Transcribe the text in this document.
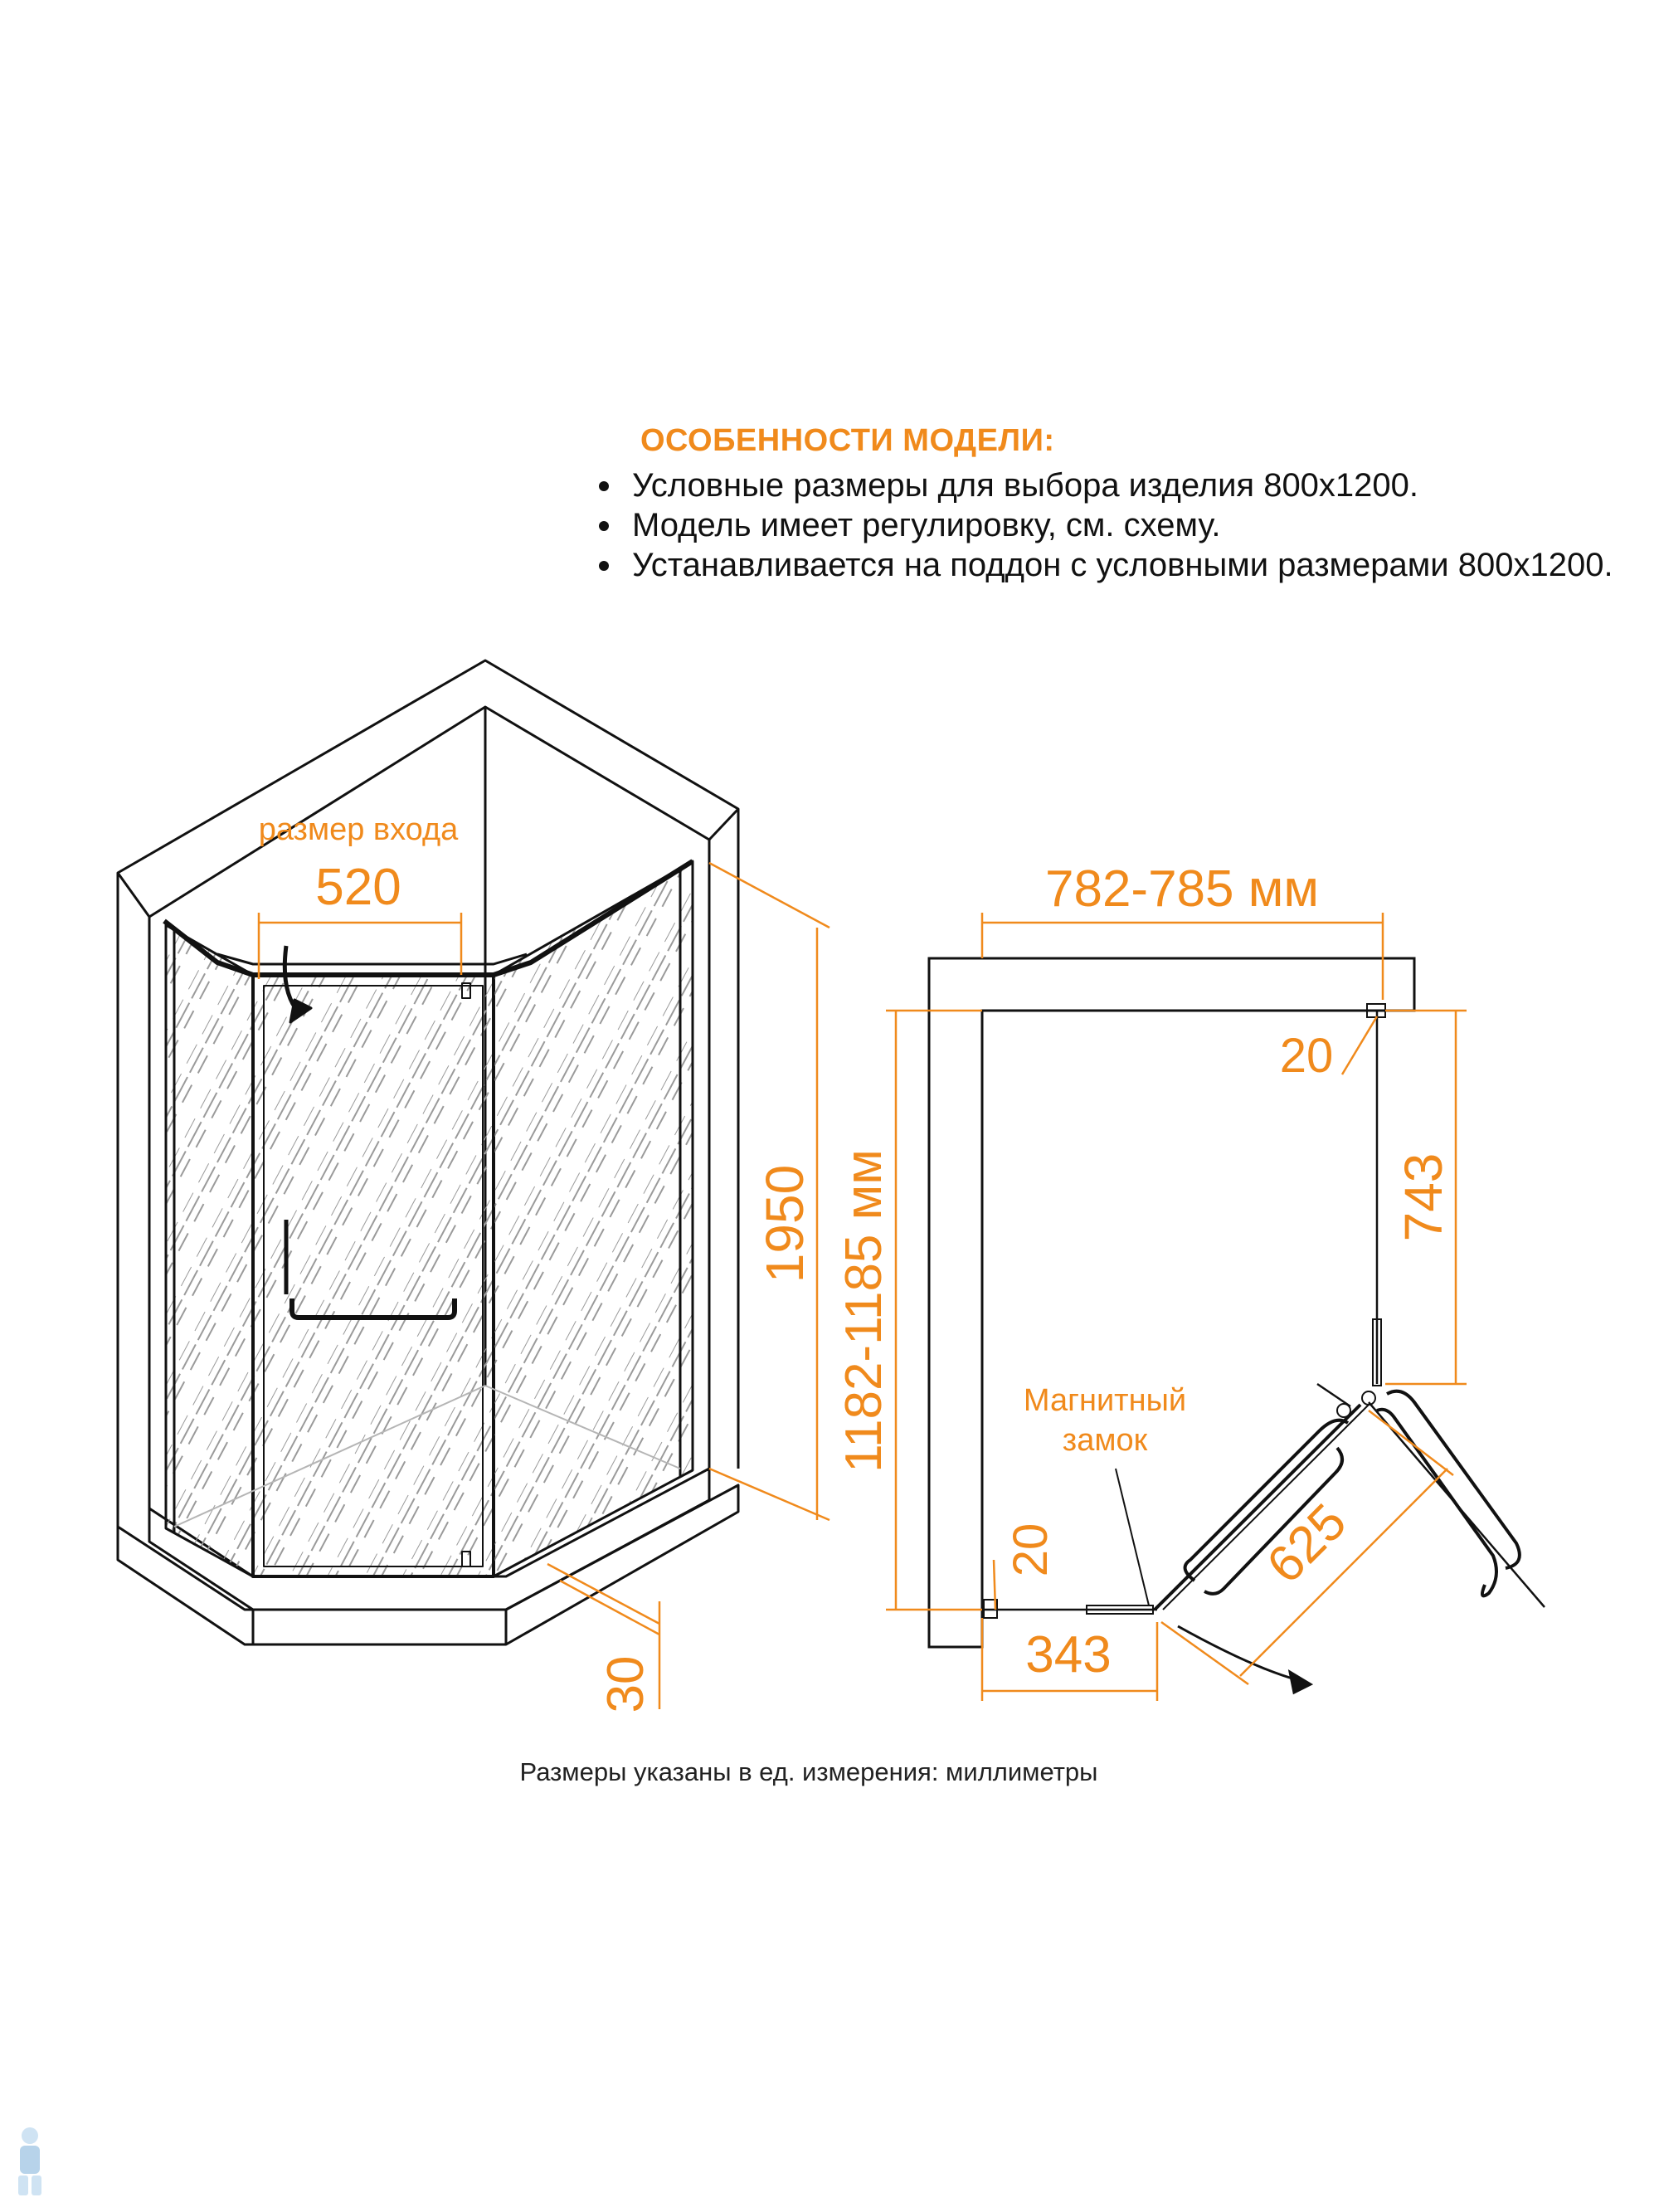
ОСОБЕННОСТИ МОДЕЛИ:
Условные размеры для выбора изделия 800x1200.
Модель имеет регулировку, см. схему.
Устанавливается на поддон с условными размерами 800x1200.
размер входа
520
1950
30
782-785 мм
20
743
1182-1185 мм
20
343
625
Магнитный
замок
Размеры указаны в ед. измерения: миллиметры
